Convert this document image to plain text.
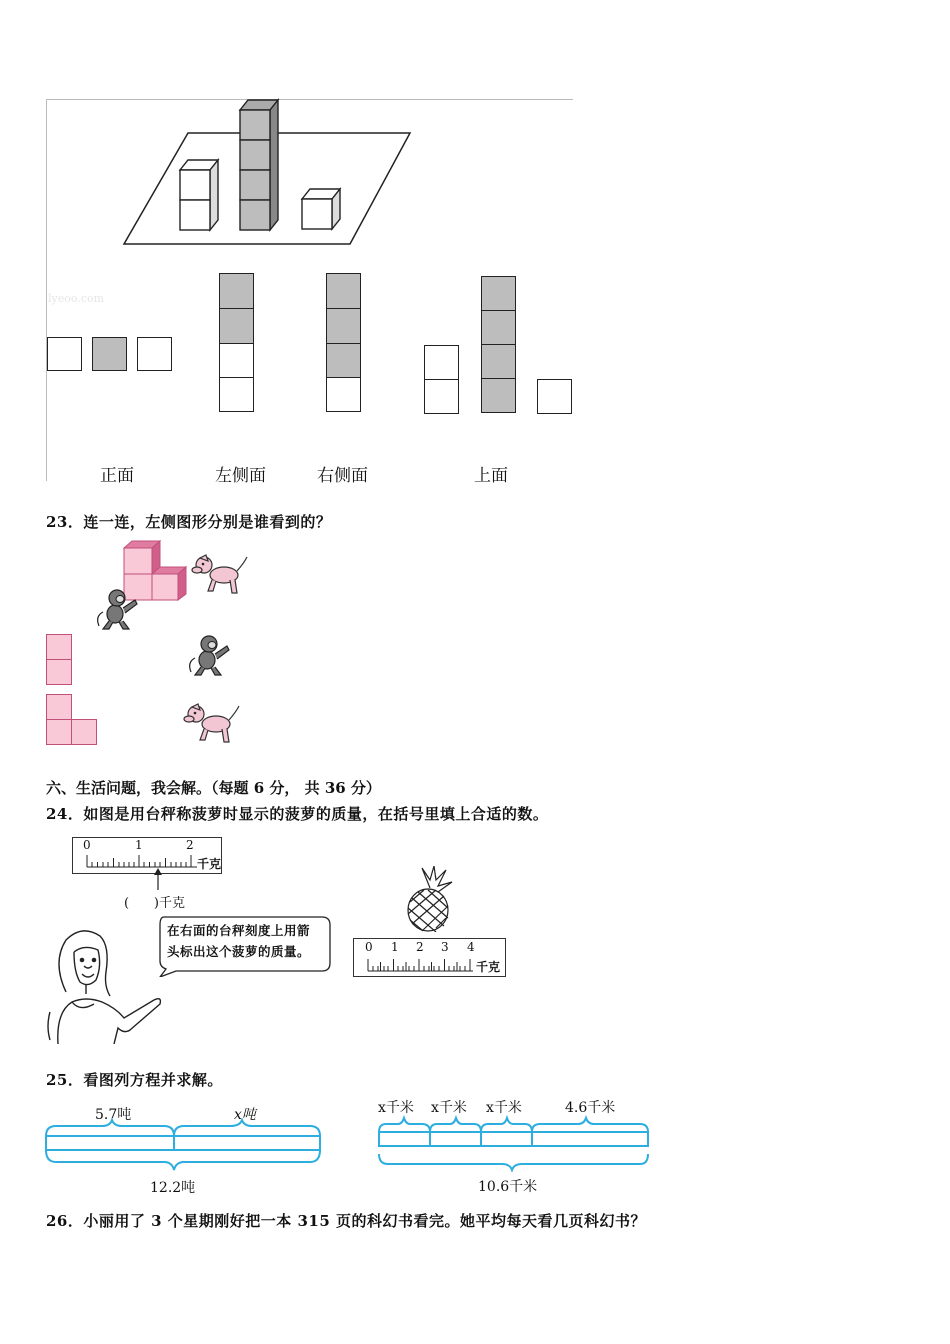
lyeoo.com
正面	左侧面	右侧面	上面
23．连一连，左侧图形分别是谁看到的？
六、生活问题，我会解。（每题 6 分， 共 36 分）
24．如图是用台秤称菠萝时显示的菠萝的质量，在括号里填上合适的数。
0	1	2
千克
(      )千克
在右面的台秤刻度上用箭
头标出这个菠萝的质量。	0 1 2 3 4
千克
25．看图列方程并求解。
5.7吨	x吨
12.2吨
x千米 x千米 x千米	4.6千米
10.6千米
26．小丽用了 3 个星期刚好把一本 315 页的科幻书看完。她平均每天看几页科幻书？
